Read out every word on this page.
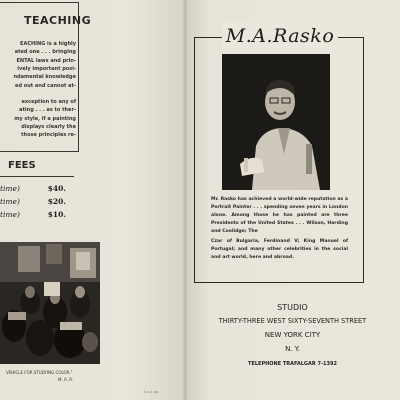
TEACHING
EACHING is a highly
ated one . . . bringing
ENTAL laws and prin-
ively important posi-
ndamental knowledge
ed out and cannot at-
exception to any of
ating . . . as to ther-
my style, if a painting
displays clearly the
those principles re-
FEES
time)	$40.
time)	$20.
time)	$10.
VEHICLE FOR STUDYING COLOR."
M. A. R.
S. S. S. 161
M.A.Rasko
Mr. Rasko has achieved a world-wide reputation as a Portrait Painter . . . spending seven years in London alone. Among those he has painted are three Presidents of the United States . . . Wilson, Harding and Coolidge; The
Czar of Bulgaria, Ferdinand V; King Manuel of Portugal; and many other celebrities in the social and art world, here and abroad.
STUDIO
THIRTY-THREE WEST SIXTY-SEVENTH STREET
NEW YORK CITY
N. Y.
TELEPHONE TRAFALGAR 7-1392
